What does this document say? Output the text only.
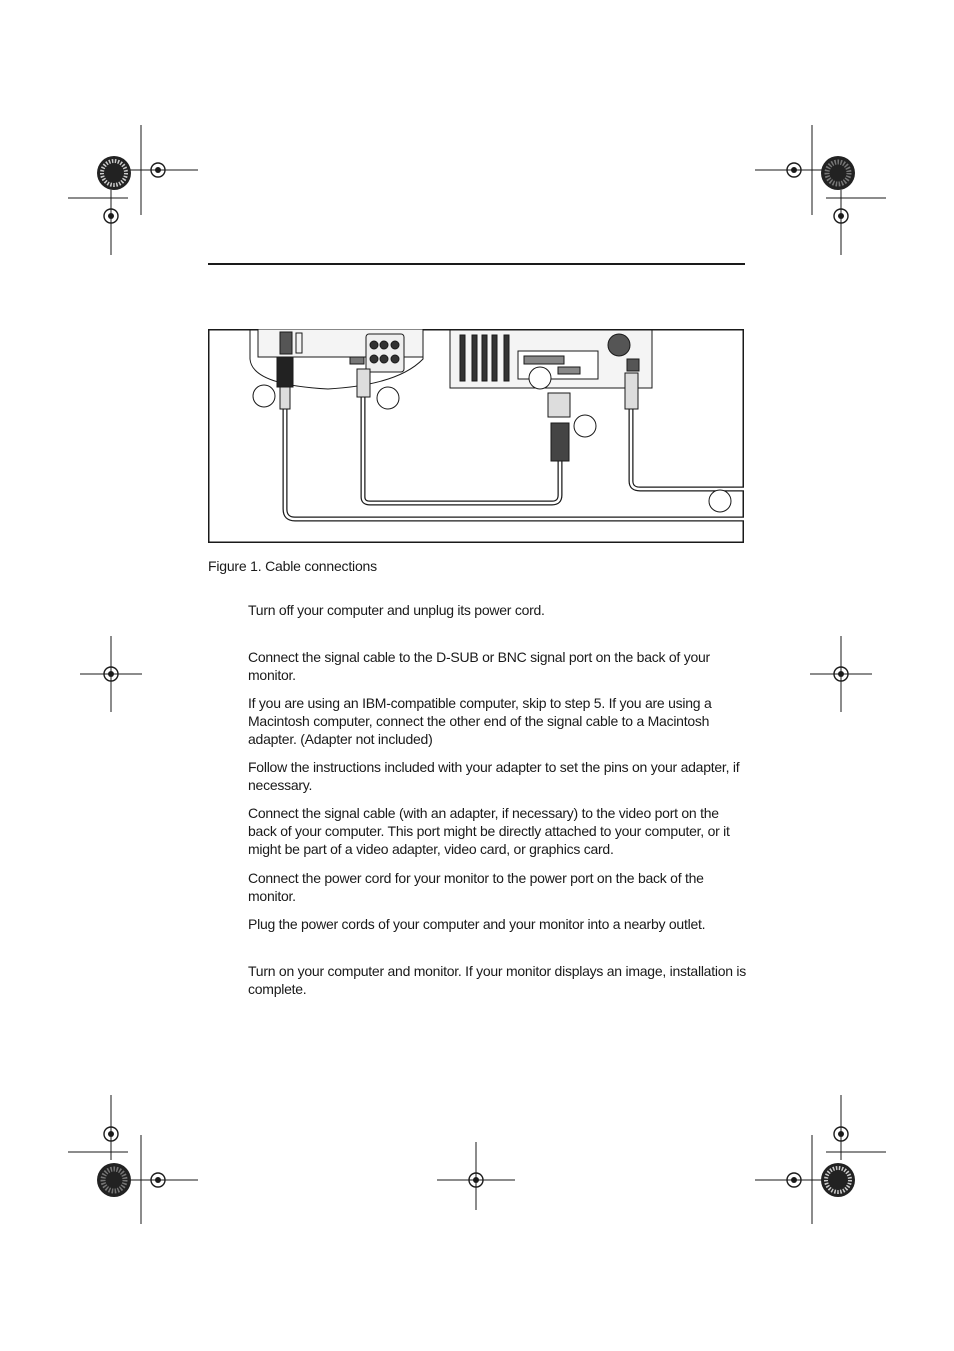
Figure 1. Cable connections
Turn off your computer and unplug its power cord.
Connect the signal cable to the D-SUB or BNC signal port on the back of your monitor.
If you are using an IBM-compatible computer, skip to step 5. If you are using a Macintosh computer, connect the other end of the signal cable to a Macintosh adapter. (Adapter not included)
Follow the instructions included with your adapter to set the pins on your adapter, if necessary.
Connect the signal cable (with an adapter, if necessary) to the video port on the back of your computer. This port might be directly attached to your computer, or it might be part of a video adapter, video card, or graphics card.
Connect the power cord for your monitor to the power port on the back of the monitor.
Plug the power cords of your computer and your monitor into a nearby outlet.
Turn on your computer and monitor. If your monitor displays an image, installation is complete.
